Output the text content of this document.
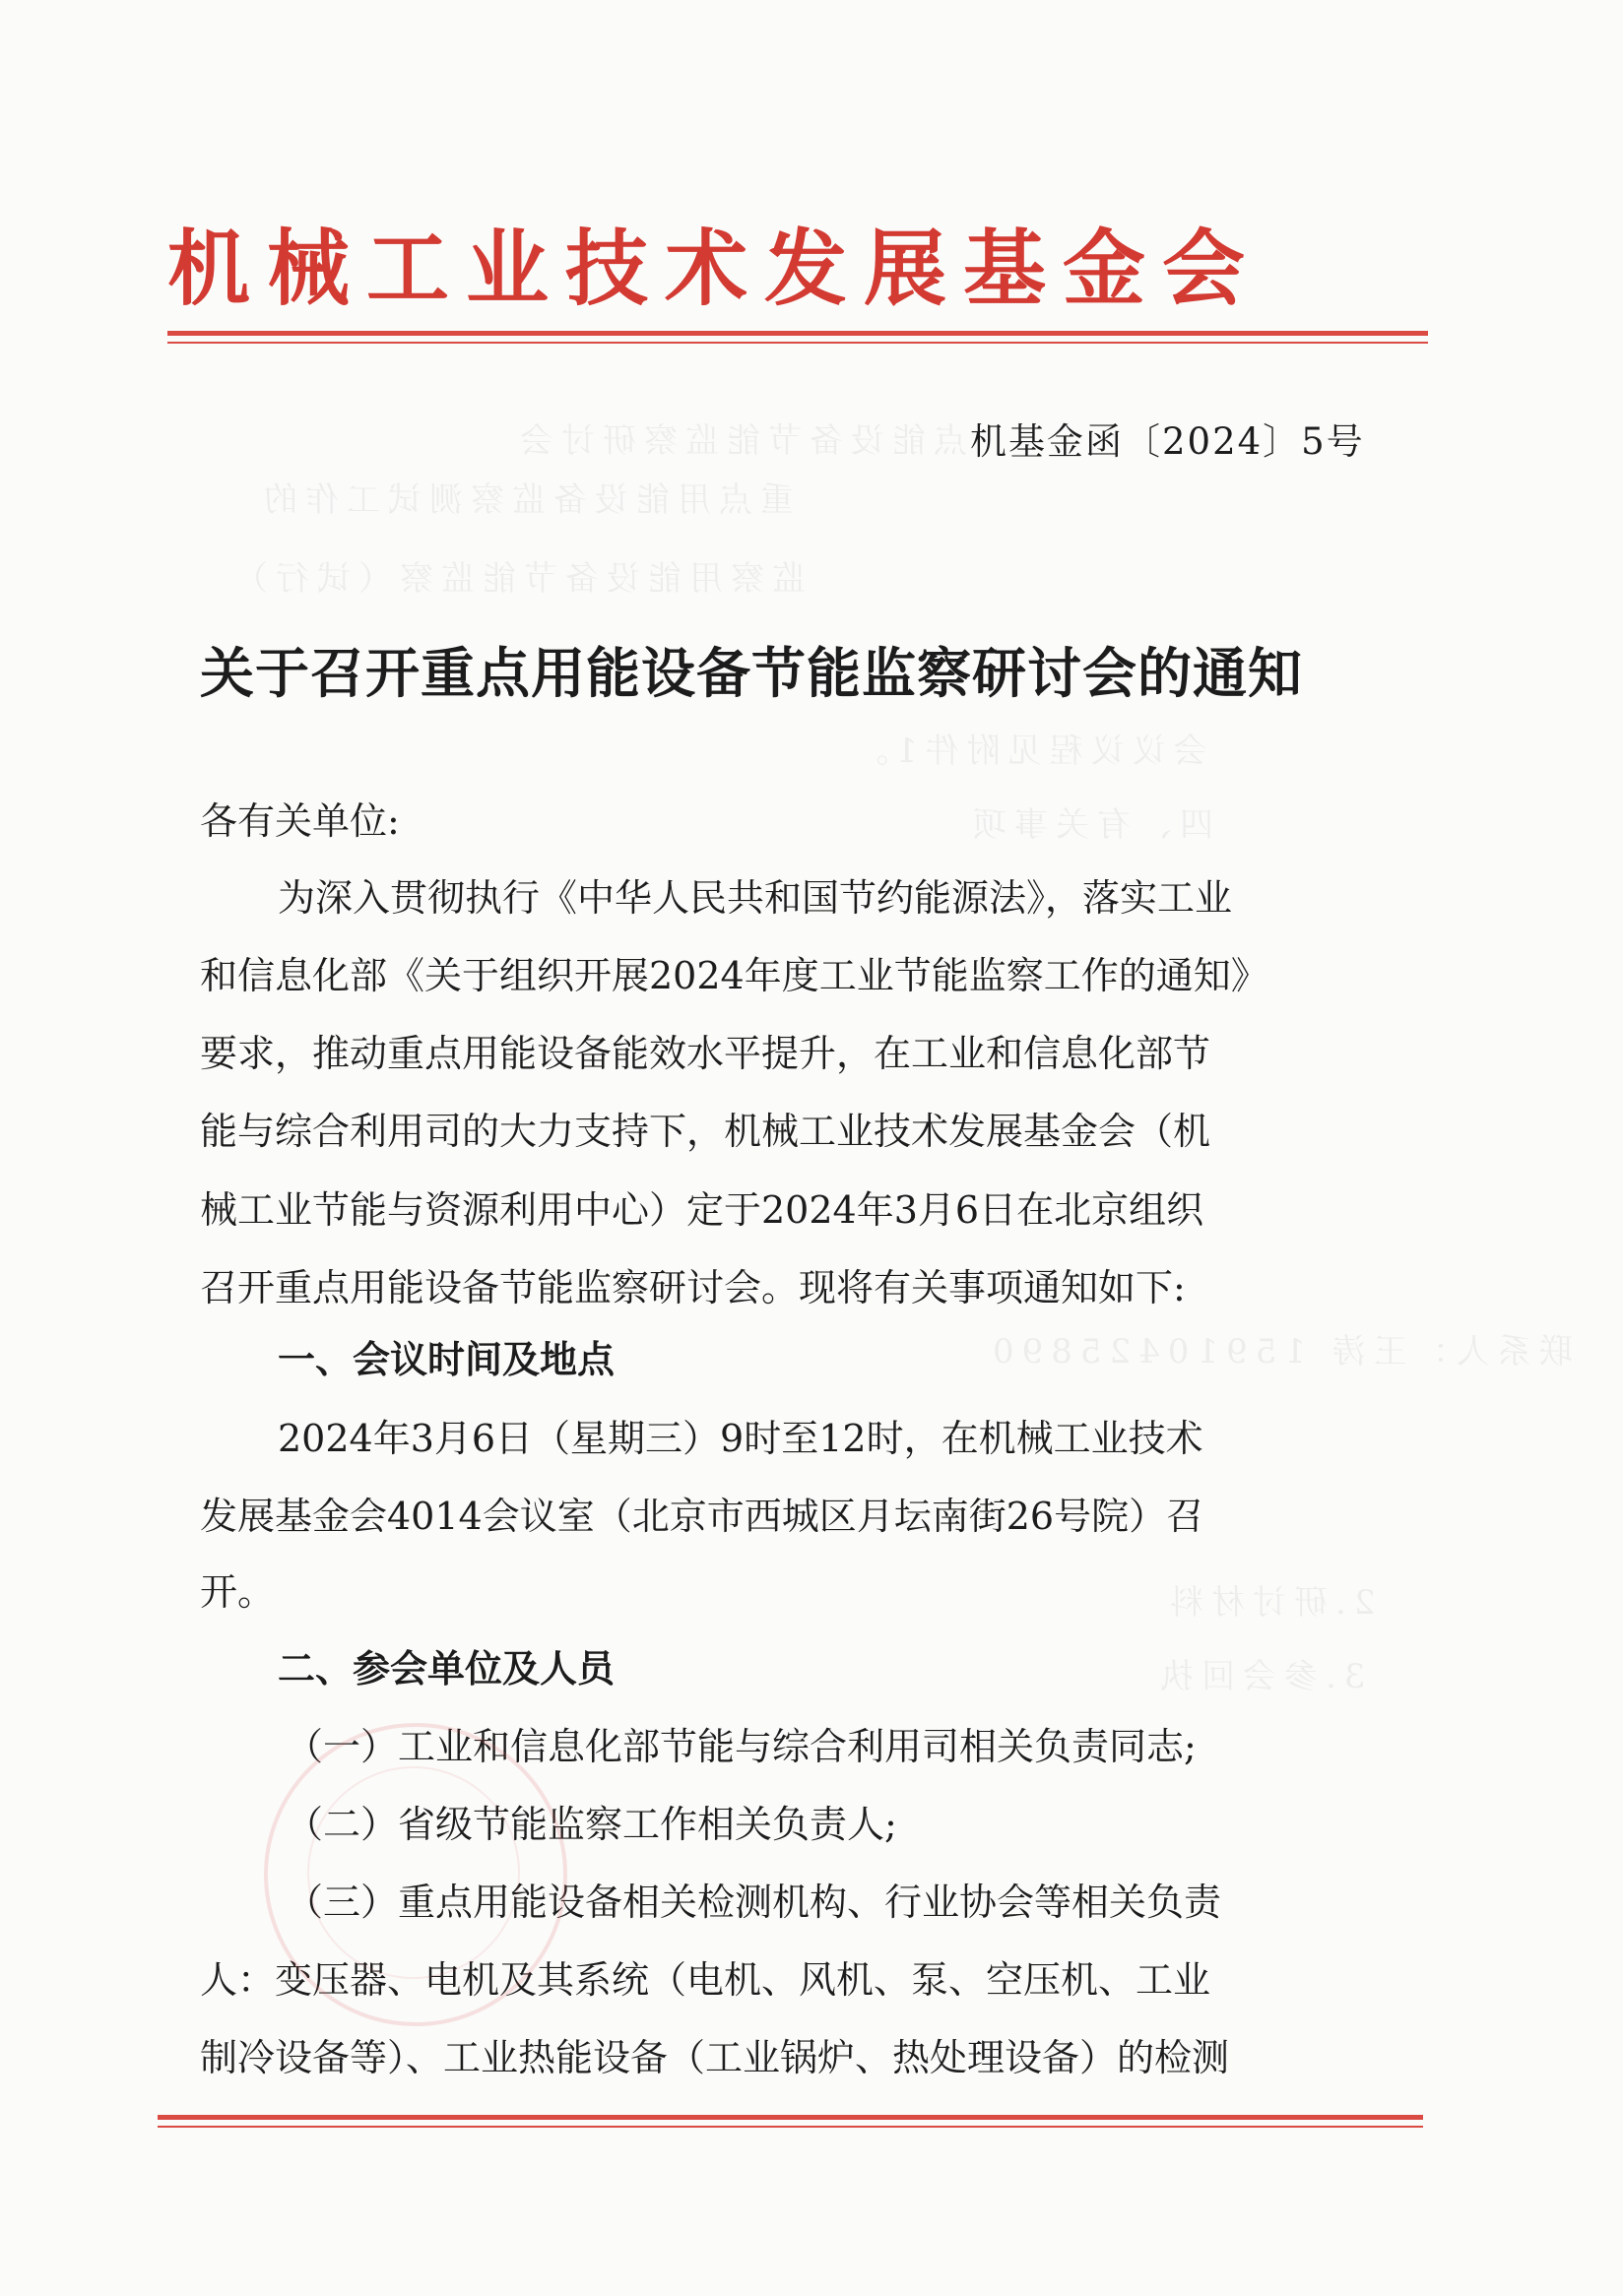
点能设备节能监察研讨会
重点用能设备监察测试工作的
监察用能设备节能监察（试行）
会议议程见附件1。
四、有关事项
联系人：王涛 15910425890
2.研讨材料
3.参会回执
机械工业技术发展基金会
机基金函〔2024〕5号
关于召开重点用能设备节能监察研讨会的通知
各有关单位:
为深入贯彻执行《中华人民共和国节约能源法》，落实工业
和信息化部《关于组织开展2024年度工业节能监察工作的通知》
要求，推动重点用能设备能效水平提升，在工业和信息化部节
能与综合利用司的大力支持下，机械工业技术发展基金会（机
械工业节能与资源利用中心）定于2024年3月6日在北京组织
召开重点用能设备节能监察研讨会。现将有关事项通知如下:
一、会议时间及地点
2024年3月6日（星期三）9时至12时，在机械工业技术
发展基金会4014会议室（北京市西城区月坛南街26号院）召
开。
二、参会单位及人员
（一）工业和信息化部节能与综合利用司相关负责同志;
（二）省级节能监察工作相关负责人;
（三）重点用能设备相关检测机构、行业协会等相关负责
人：变压器、电机及其系统（电机、风机、泵、空压机、工业
制冷设备等）、工业热能设备（工业锅炉、热处理设备）的检测
